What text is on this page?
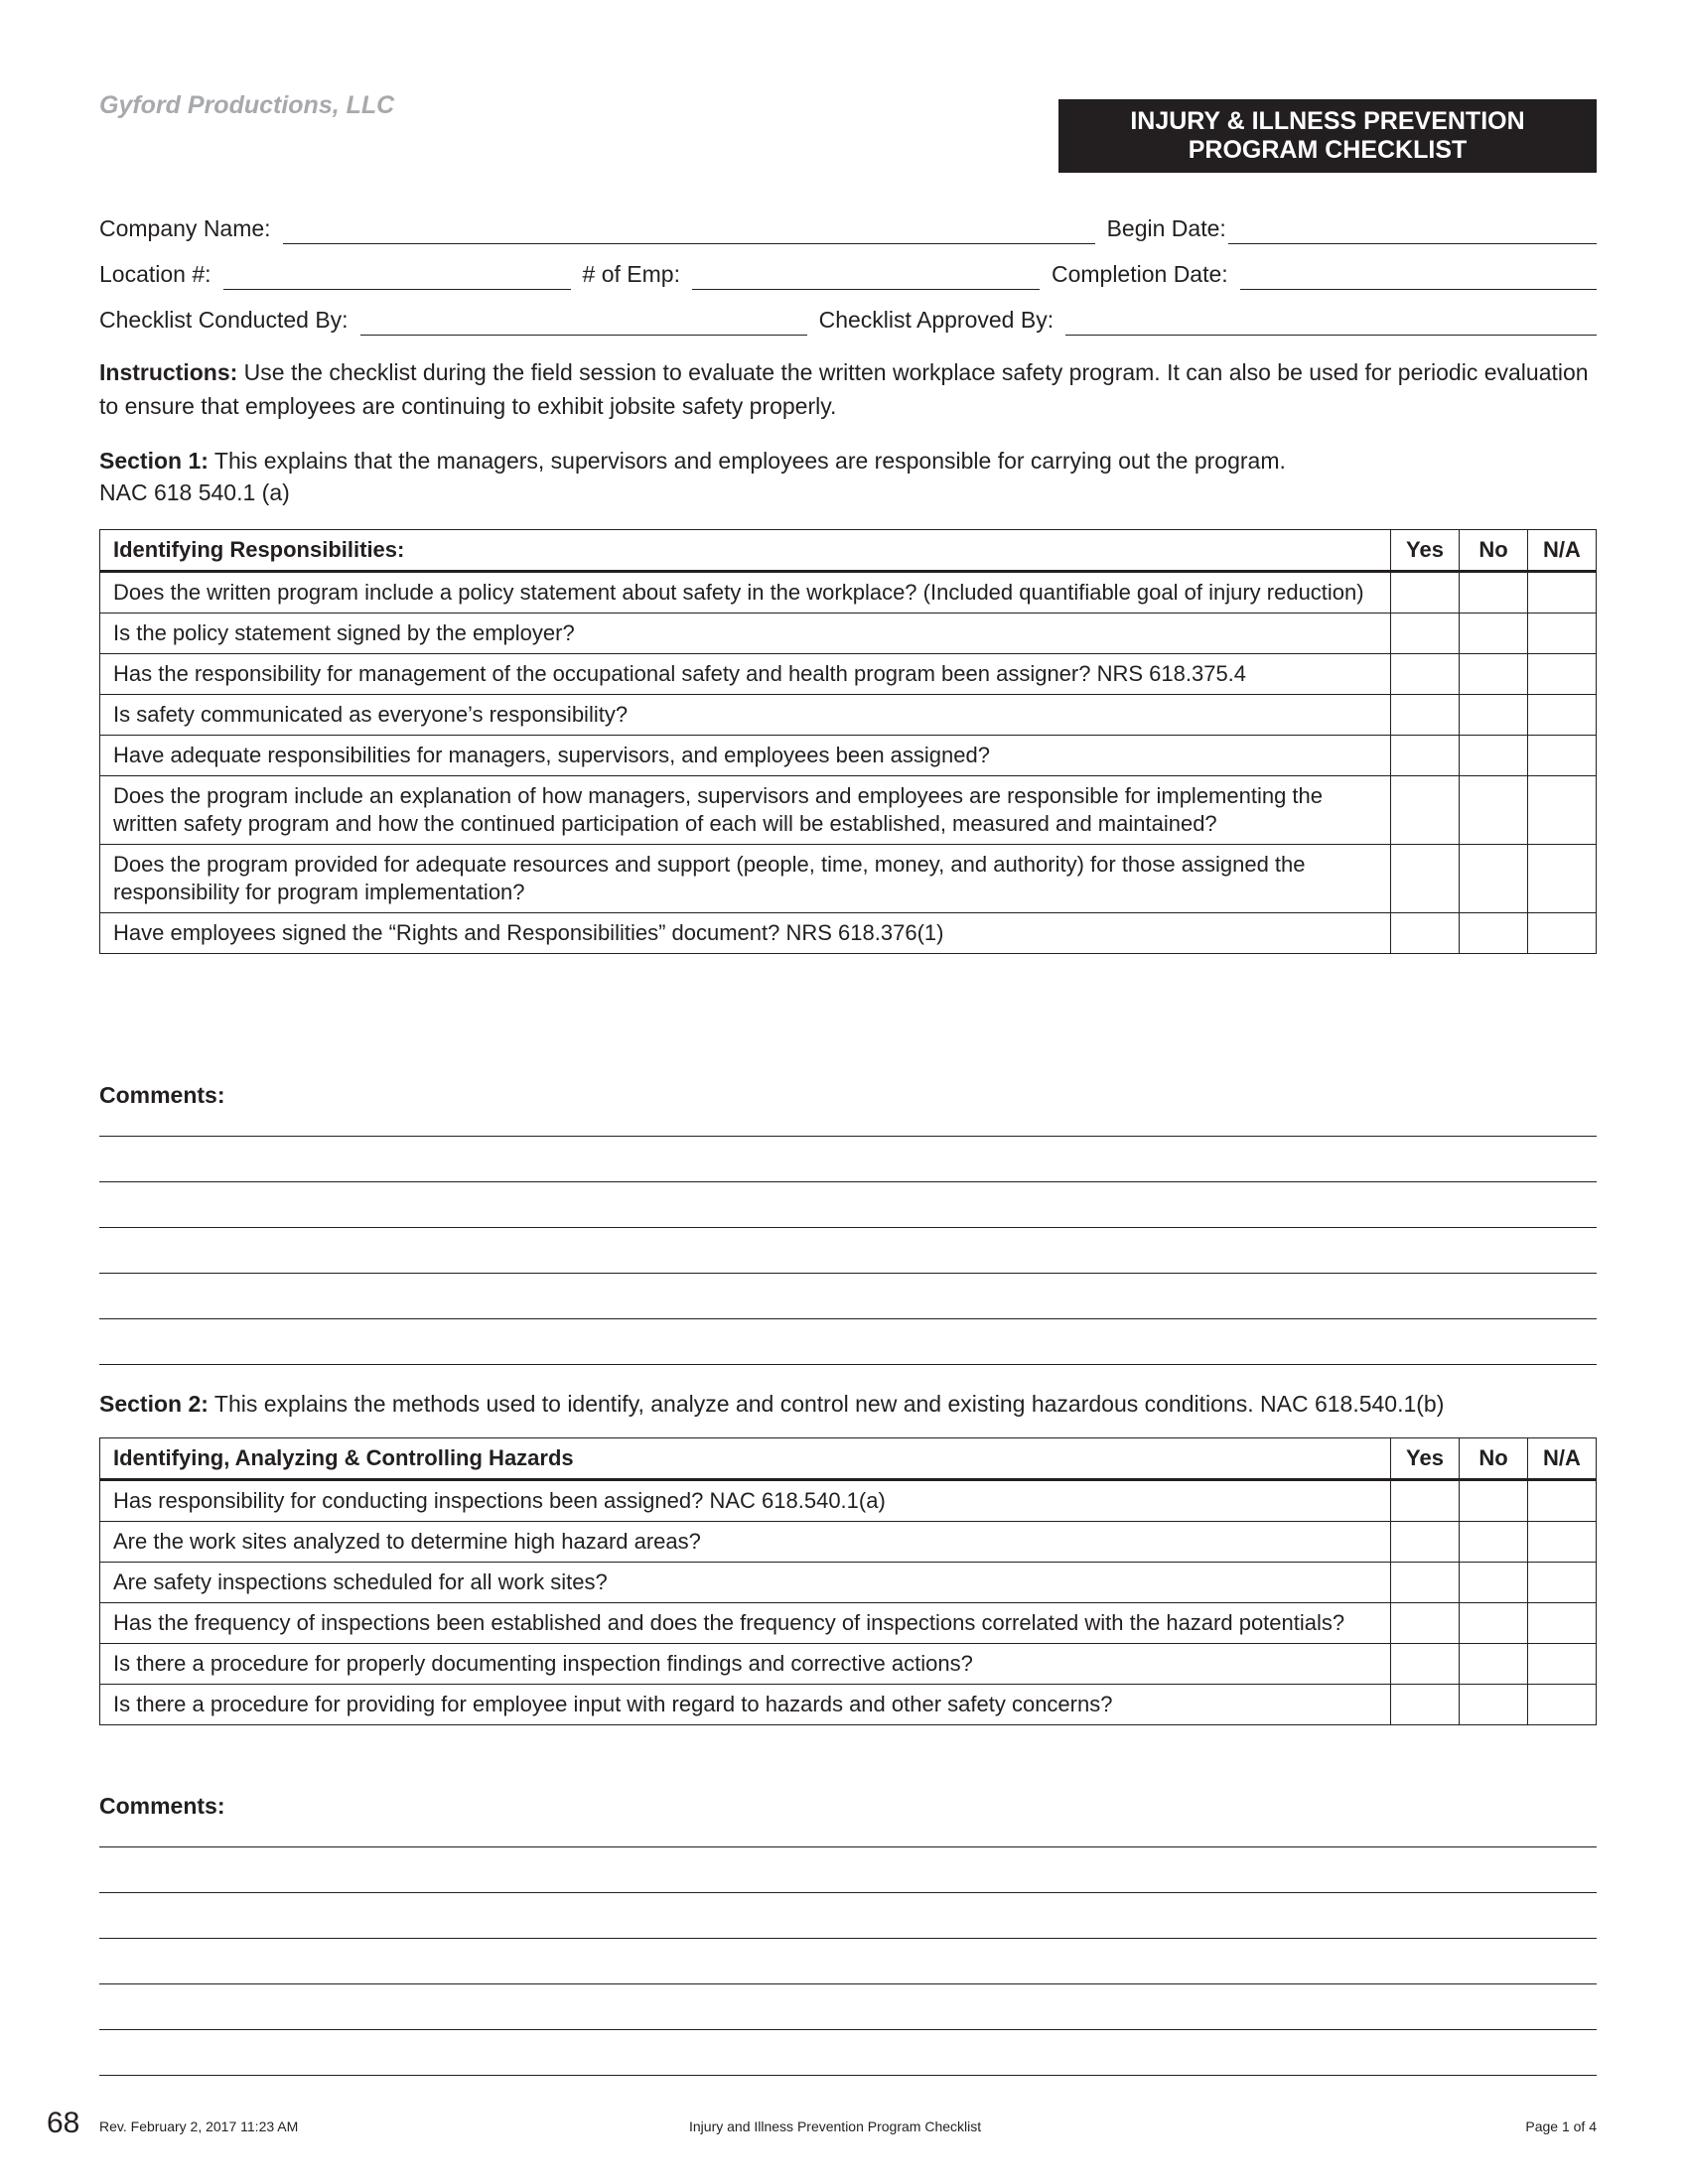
Gyford Productions, LLC
INJURY & ILLNESS PREVENTION
PROGRAM CHECKLIST
Company Name:	Begin Date:
Location #:	# of Emp:	Completion Date:
Checklist Conducted By:	Checklist Approved By:
Instructions: Use the checklist during the field session to evaluate the written workplace safety program. It can also be used for periodic evaluation to ensure that employees are continuing to exhibit jobsite safety properly.
Section 1: This explains that the managers, supervisors and employees are responsible for carrying out the program.
NAC 618 540.1 (a)
Identifying Responsibilities:	Yes	No	N/A
Does the written program include a policy statement about safety in the workplace? (Included quantifiable goal of injury reduction)			
Is the policy statement signed by the employer?			
Has the responsibility for management of the occupational safety and health program been assigner? NRS 618.375.4			
Is safety communicated as everyone’s responsibility?			
Have adequate responsibilities for managers, supervisors, and employees been assigned?			
Does the program include an explanation of how managers, supervisors and employees are responsible for implementing the written safety program and how the continued participation of each will be established, measured and maintained?			
Does the program provided for adequate resources and support (people, time, money, and authority) for those assigned the responsibility for program implementation?			
Have employees signed the “Rights and Responsibilities” document? NRS 618.376(1)			
Comments:
Section 2: This explains the methods used to identify, analyze and control new and existing hazardous conditions. NAC 618.540.1(b)
Identifying, Analyzing & Controlling Hazards	Yes	No	N/A
Has responsibility for conducting inspections been assigned? NAC 618.540.1(a)			
Are the work sites analyzed to determine high hazard areas?			
Are safety inspections scheduled for all work sites?			
Has the frequency of inspections been established and does the frequency of inspections correlated with the hazard potentials?			
Is there a procedure for properly documenting inspection findings and corrective actions?			
Is there a procedure for providing for employee input with regard to hazards and other safety concerns?			
Comments:
68 Rev. February 2, 2017 11:23 AM	Injury and Illness Prevention Program Checklist	Page 1 of 4
